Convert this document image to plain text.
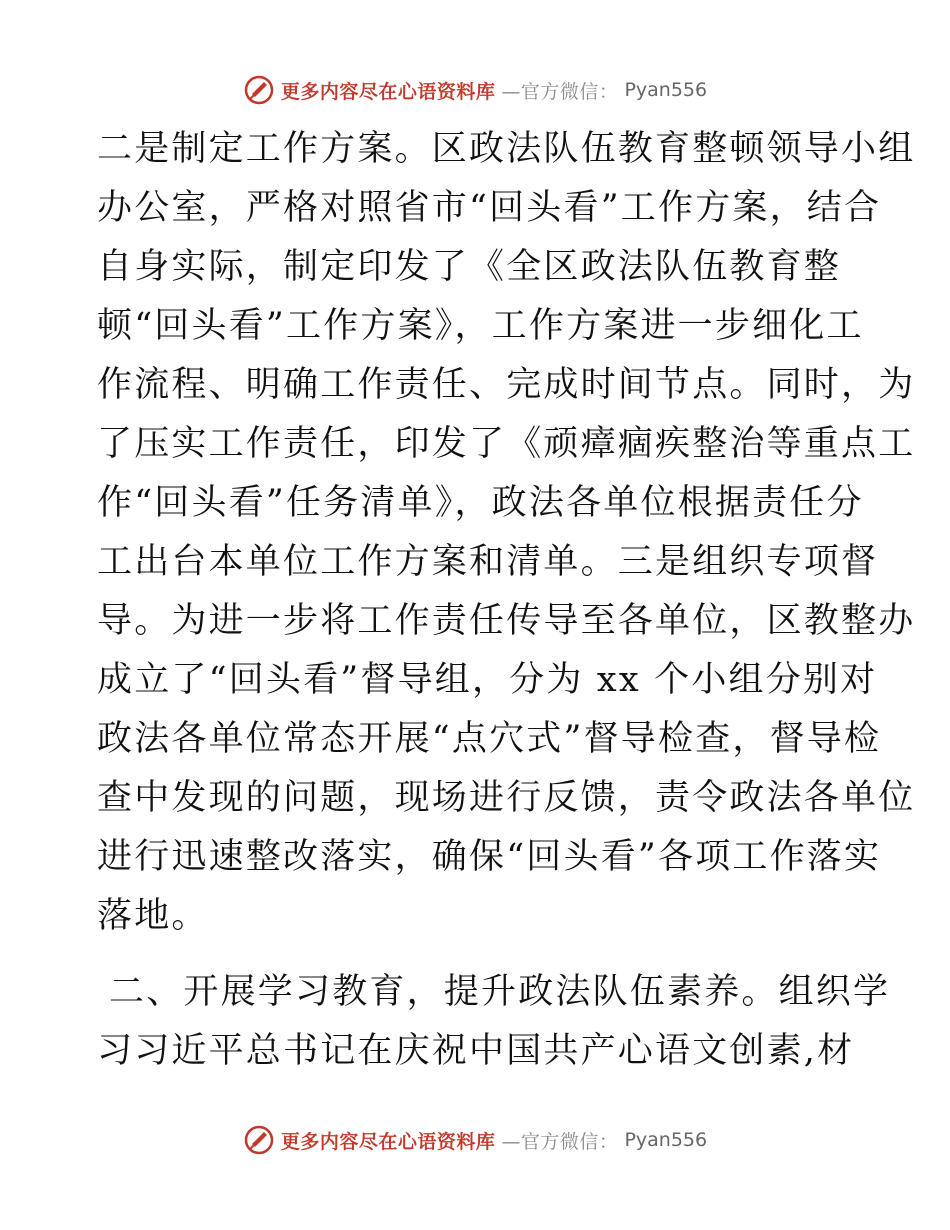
更多内容尽在心语资料库 —官方微信： Pyan556
二是制定工作方案。区政法队伍教育整顿领导小组
办公室，严格对照省市“回头看”工作方案，结合
自身实际，制定印发了《全区政法队伍教育整
顿“回头看”工作方案》，工作方案进一步细化工
作流程、明确工作责任、完成时间节点。同时，为
了压实工作责任，印发了《顽瘴痼疾整治等重点工
作“回头看”任务清单》，政法各单位根据责任分
工出台本单位工作方案和清单。三是组织专项督
导。为进一步将工作责任传导至各单位，区教整办
成立了“回头看”督导组，分为 xx 个小组分别对
政法各单位常态开展“点穴式”督导检查，督导检
查中发现的问题，现场进行反馈，责令政法各单位
进行迅速整改落实，确保“回头看”各项工作落实
落地。
二、开展学习教育，提升政法队伍素养。组织学
习习近平总书记在庆祝中国共产心语文创素,材
更多内容尽在心语资料库 —官方微信： Pyan556
